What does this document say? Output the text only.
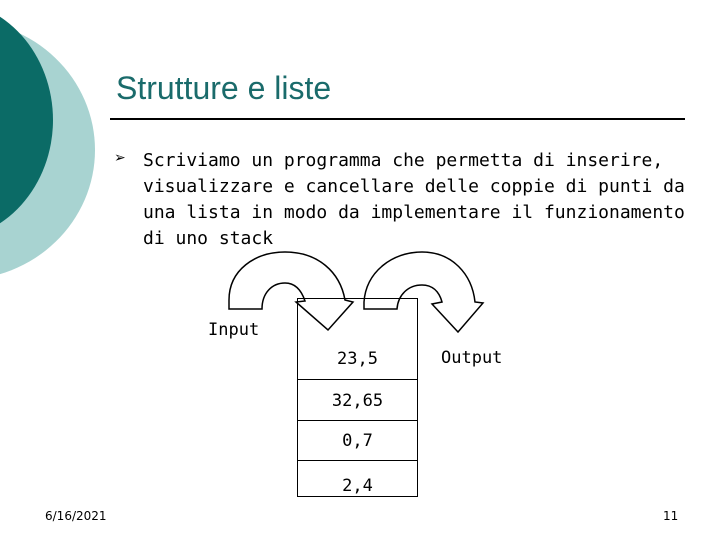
Strutture e liste
➢ Scriviamo un programma che permetta di inserire, visualizzare e cancellare delle coppie di punti da una lista in modo da implementare il funzionamento di uno stack
Input
Output
23,5
32,65
0,7
2,4
6/16/2021	11
